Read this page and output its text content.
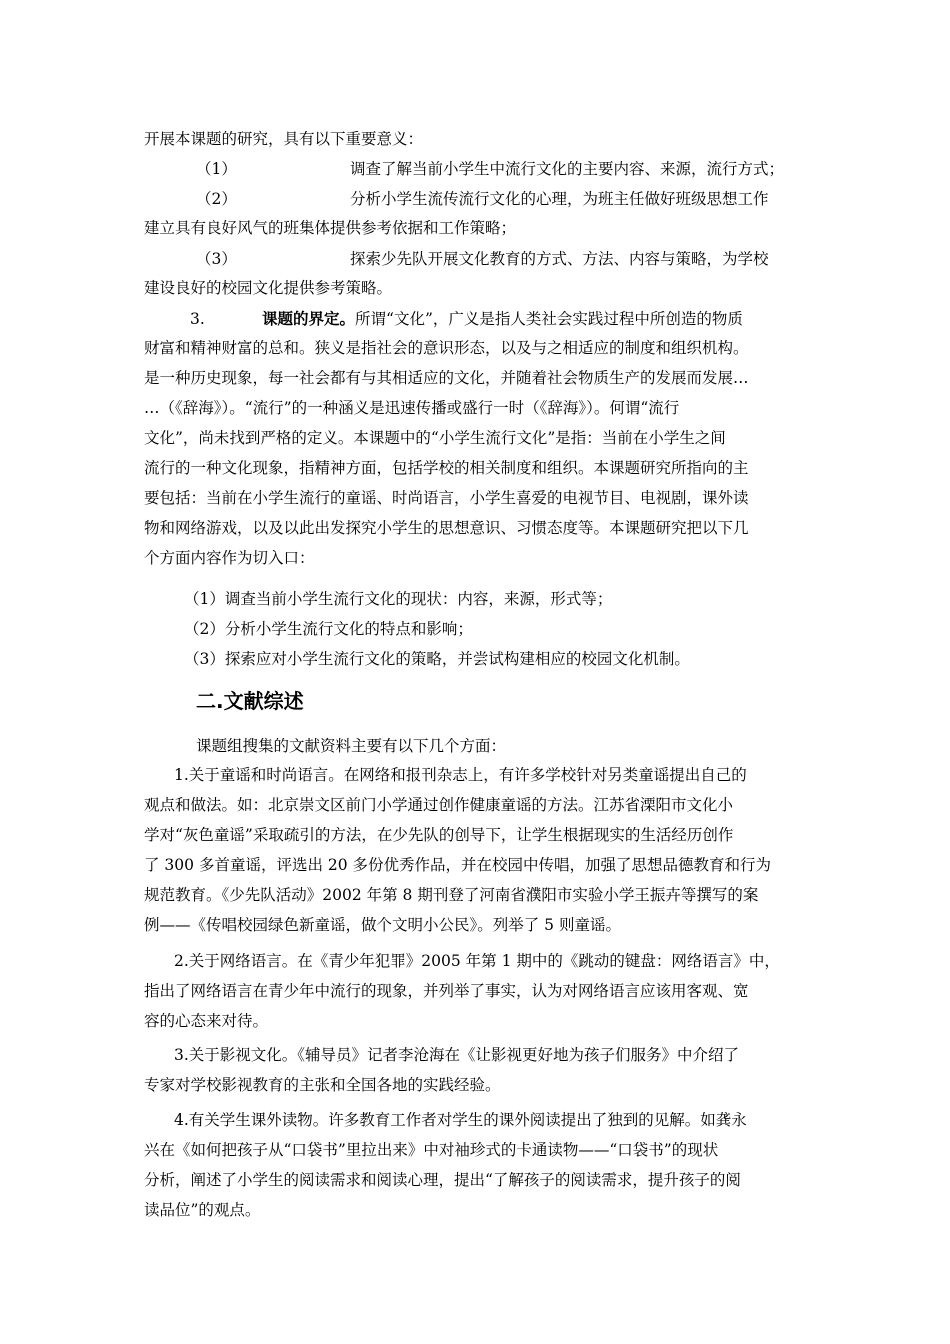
开展本课题的研究，具有以下重要意义：
（1）	调查了解当前小学生中流行文化的主要内容、来源，流行方式；
（2）	分析小学生流传流行文化的心理，为班主任做好班级思想工作
建立具有良好风气的班集体提供参考依据和工作策略；
（3）	探索少先队开展文化教育的方式、方法、内容与策略，为学校
建设良好的校园文化提供参考策略。
3.	课题的界定。所谓“文化”，广义是指人类社会实践过程中所创造的物质
财富和精神财富的总和。狭义是指社会的意识形态，以及与之相适应的制度和组织机构。
是一种历史现象，每一社会都有与其相适应的文化，并随着社会物质生产的发展而发展…
…（《辞海》）。“流行”的一种涵义是迅速传播或盛行一时（《辞海》）。何谓“流行
文化”，尚未找到严格的定义。本课题中的“小学生流行文化”是指：当前在小学生之间
流行的一种文化现象，指精神方面，包括学校的相关制度和组织。本课题研究所指向的主
要包括：当前在小学生流行的童谣、时尚语言，小学生喜爱的电视节目、电视剧，课外读
物和网络游戏，以及以此出发探究小学生的思想意识、习惯态度等。本课题研究把以下几
个方面内容作为切入口：
（1）调查当前小学生流行文化的现状：内容，来源，形式等；
（2）分析小学生流行文化的特点和影响；
（3）探索应对小学生流行文化的策略，并尝试构建相应的校园文化机制。
二.文献综述
课题组搜集的文献资料主要有以下几个方面：
1.关于童谣和时尚语言。在网络和报刊杂志上，有许多学校针对另类童谣提出自己的
观点和做法。如：北京崇文区前门小学通过创作健康童谣的方法。江苏省溧阳市文化小
学对“灰色童谣”采取疏引的方法，在少先队的创导下，让学生根据现实的生活经历创作
了 300 多首童谣，评选出 20 多份优秀作品，并在校园中传唱，加强了思想品德教育和行为
规范教育。《少先队活动》2002 年第 8 期刊登了河南省濮阳市实验小学王振卉等撰写的案
例——《传唱校园绿色新童谣，做个文明小公民》。列举了 5 则童谣。
2.关于网络语言。在《青少年犯罪》2005 年第 1 期中的《跳动的键盘：网络语言》中，
指出了网络语言在青少年中流行的现象，并列举了事实，认为对网络语言应该用客观、宽
容的心态来对待。
3.关于影视文化。《辅导员》记者李沧海在《让影视更好地为孩子们服务》中介绍了
专家对学校影视教育的主张和全国各地的实践经验。
4.有关学生课外读物。许多教育工作者对学生的课外阅读提出了独到的见解。如龚永
兴在《如何把孩子从“口袋书”里拉出来》中对袖珍式的卡通读物——“口袋书”的现状
分析，阐述了小学生的阅读需求和阅读心理，提出“了解孩子的阅读需求，提升孩子的阅
读品位”的观点。
